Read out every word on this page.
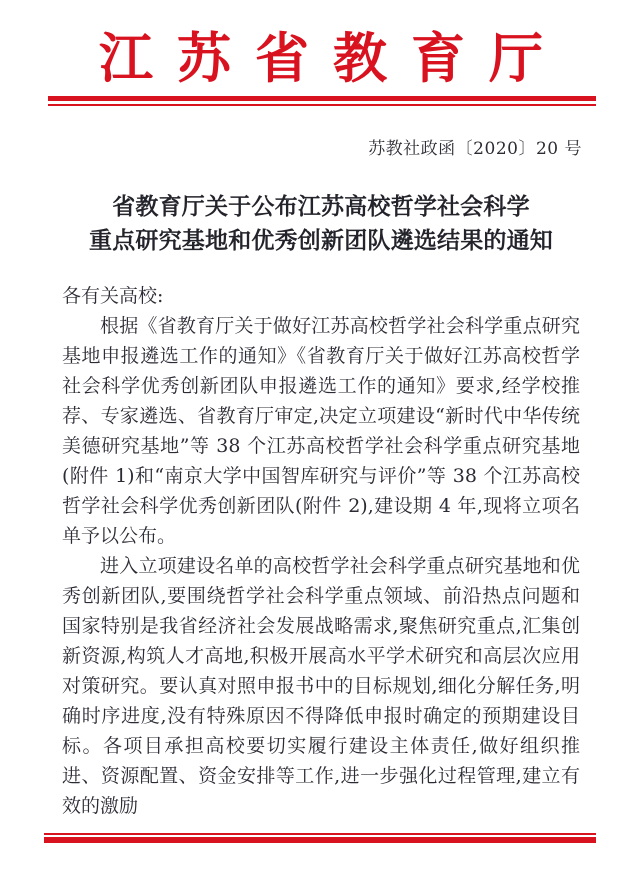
江苏省教育厅
苏教社政函〔2020〕20 号
省教育厅关于公布江苏高校哲学社会科学
重点研究基地和优秀创新团队遴选结果的通知

各有关高校:

根据《省教育厅关于做好江苏高校哲学社会科学重点研究基地申报遴选工作的通知》《省教育厅关于做好江苏高校哲学社会科学优秀创新团队申报遴选工作的通知》要求,经学校推荐、专家遴选、省教育厅审定,决定立项建设“新时代中华传统美德研究基地”等 38 个江苏高校哲学社会科学重点研究基地(附件 1)和“南京大学中国智库研究与评价”等 38 个江苏高校哲学社会科学优秀创新团队(附件 2),建设期 4 年,现将立项名单予以公布。

进入立项建设名单的高校哲学社会科学重点研究基地和优秀创新团队,要围绕哲学社会科学重点领域、前沿热点问题和国家特别是我省经济社会发展战略需求,聚焦研究重点,汇集创新资源,构筑人才高地,积极开展高水平学术研究和高层次应用对策研究。要认真对照申报书中的目标规划,细化分解任务,明确时序进度,没有特殊原因不得降低申报时确定的预期建设目标。各项目承担高校要切实履行建设主体责任,做好组织推进、资源配置、资金安排等工作,进一步强化过程管理,建立有效的激励
